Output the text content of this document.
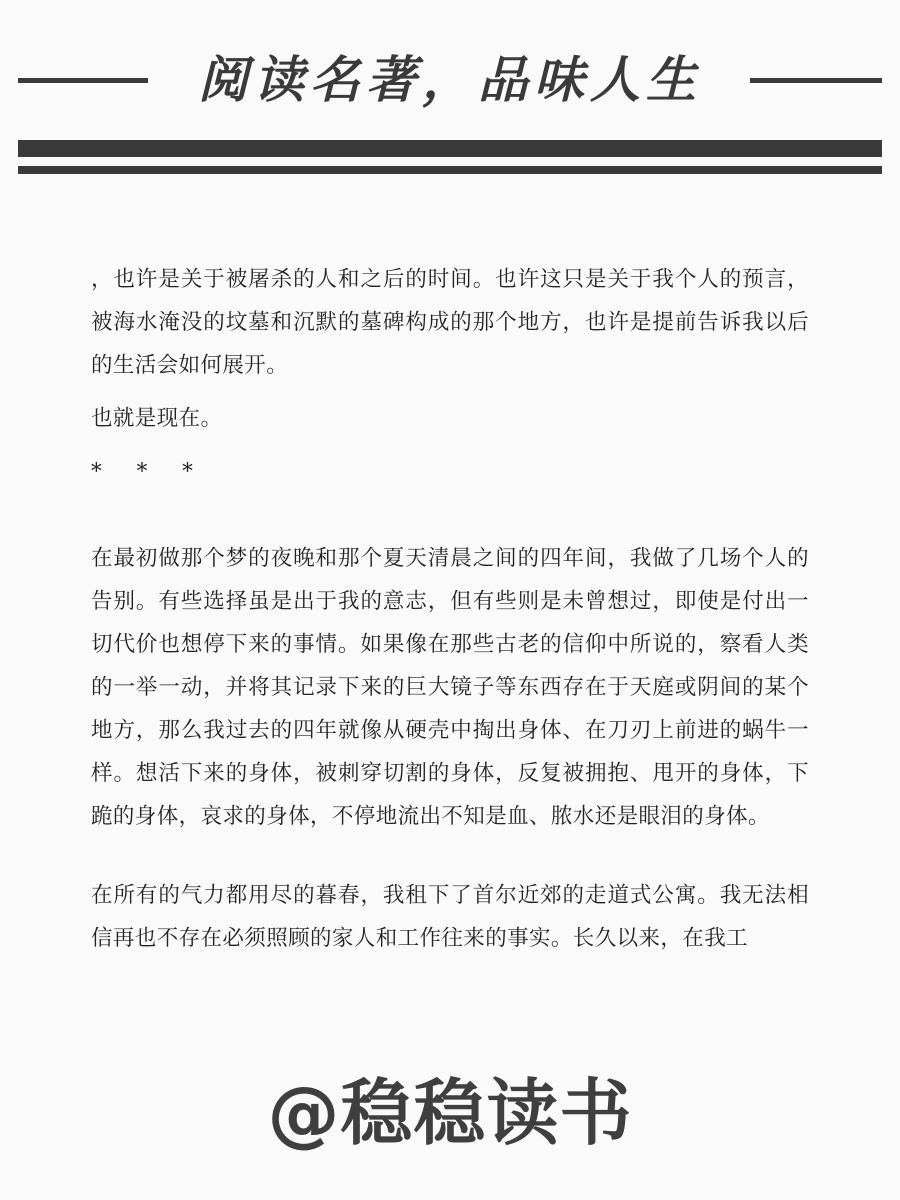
阅读名著，品味人生

，也许是关于被屠杀的人和之后的时间。也许这只是关于我个人的预言，被海水淹没的坟墓和沉默的墓碑构成的那个地方，也许是提前告诉我以后的生活会如何展开。

也就是现在。

* * *

在最初做那个梦的夜晚和那个夏天清晨之间的四年间，我做了几场个人的告别。有些选择虽是出于我的意志，但有些则是未曾想过，即使是付出一切代价也想停下来的事情。如果像在那些古老的信仰中所说的，察看人类的一举一动，并将其记录下来的巨大镜子等东西存在于天庭或阴间的某个地方，那么我过去的四年就像从硬壳中掏出身体、在刀刃上前进的蜗牛一样。想活下来的身体，被刺穿切割的身体，反复被拥抱、甩开的身体，下跪的身体，哀求的身体，不停地流出不知是血、脓水还是眼泪的身体。

在所有的气力都用尽的暮春，我租下了首尔近郊的走道式公寓。我无法相信再也不存在必须照顾的家人和工作往来的事实。长久以来，在我工

@稳稳读书
